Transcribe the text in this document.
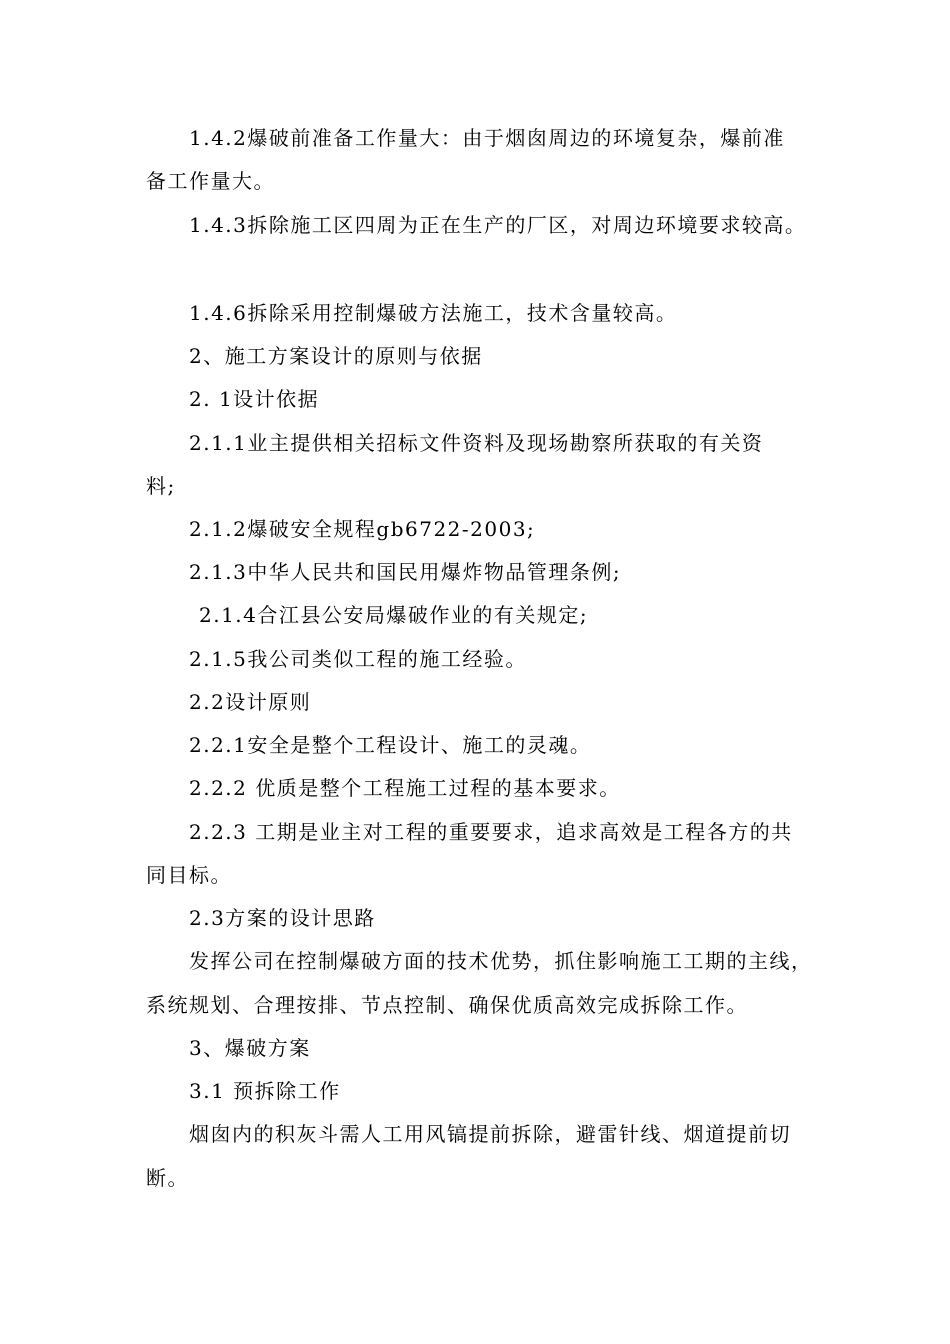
1.4.2爆破前准备工作量大：由于烟囱周边的环境复杂，爆前准
备工作量大。
1.4.3拆除施工区四周为正在生产的厂区，对周边环境要求较高。
1.4.6拆除采用控制爆破方法施工，技术含量较高。
2、施工方案设计的原则与依据
2. 1设计依据
2.1.1业主提供相关招标文件资料及现场勘察所获取的有关资
料;
2.1.2爆破安全规程gb6722-2003;
2.1.3中华人民共和国民用爆炸物品管理条例;
2.1.4合江县公安局爆破作业的有关规定;
2.1.5我公司类似工程的施工经验。
2.2设计原则
2.2.1安全是整个工程设计、施工的灵魂。
2.2.2 优质是整个工程施工过程的基本要求。
2.2.3 工期是业主对工程的重要要求，追求高效是工程各方的共
同目标。
2.3方案的设计思路
发挥公司在控制爆破方面的技术优势，抓住影响施工工期的主线，
系统规划、合理按排、节点控制、确保优质高效完成拆除工作。
3、爆破方案
3.1 预拆除工作
烟囱内的积灰斗需人工用风镐提前拆除，避雷针线、烟道提前切
断。
